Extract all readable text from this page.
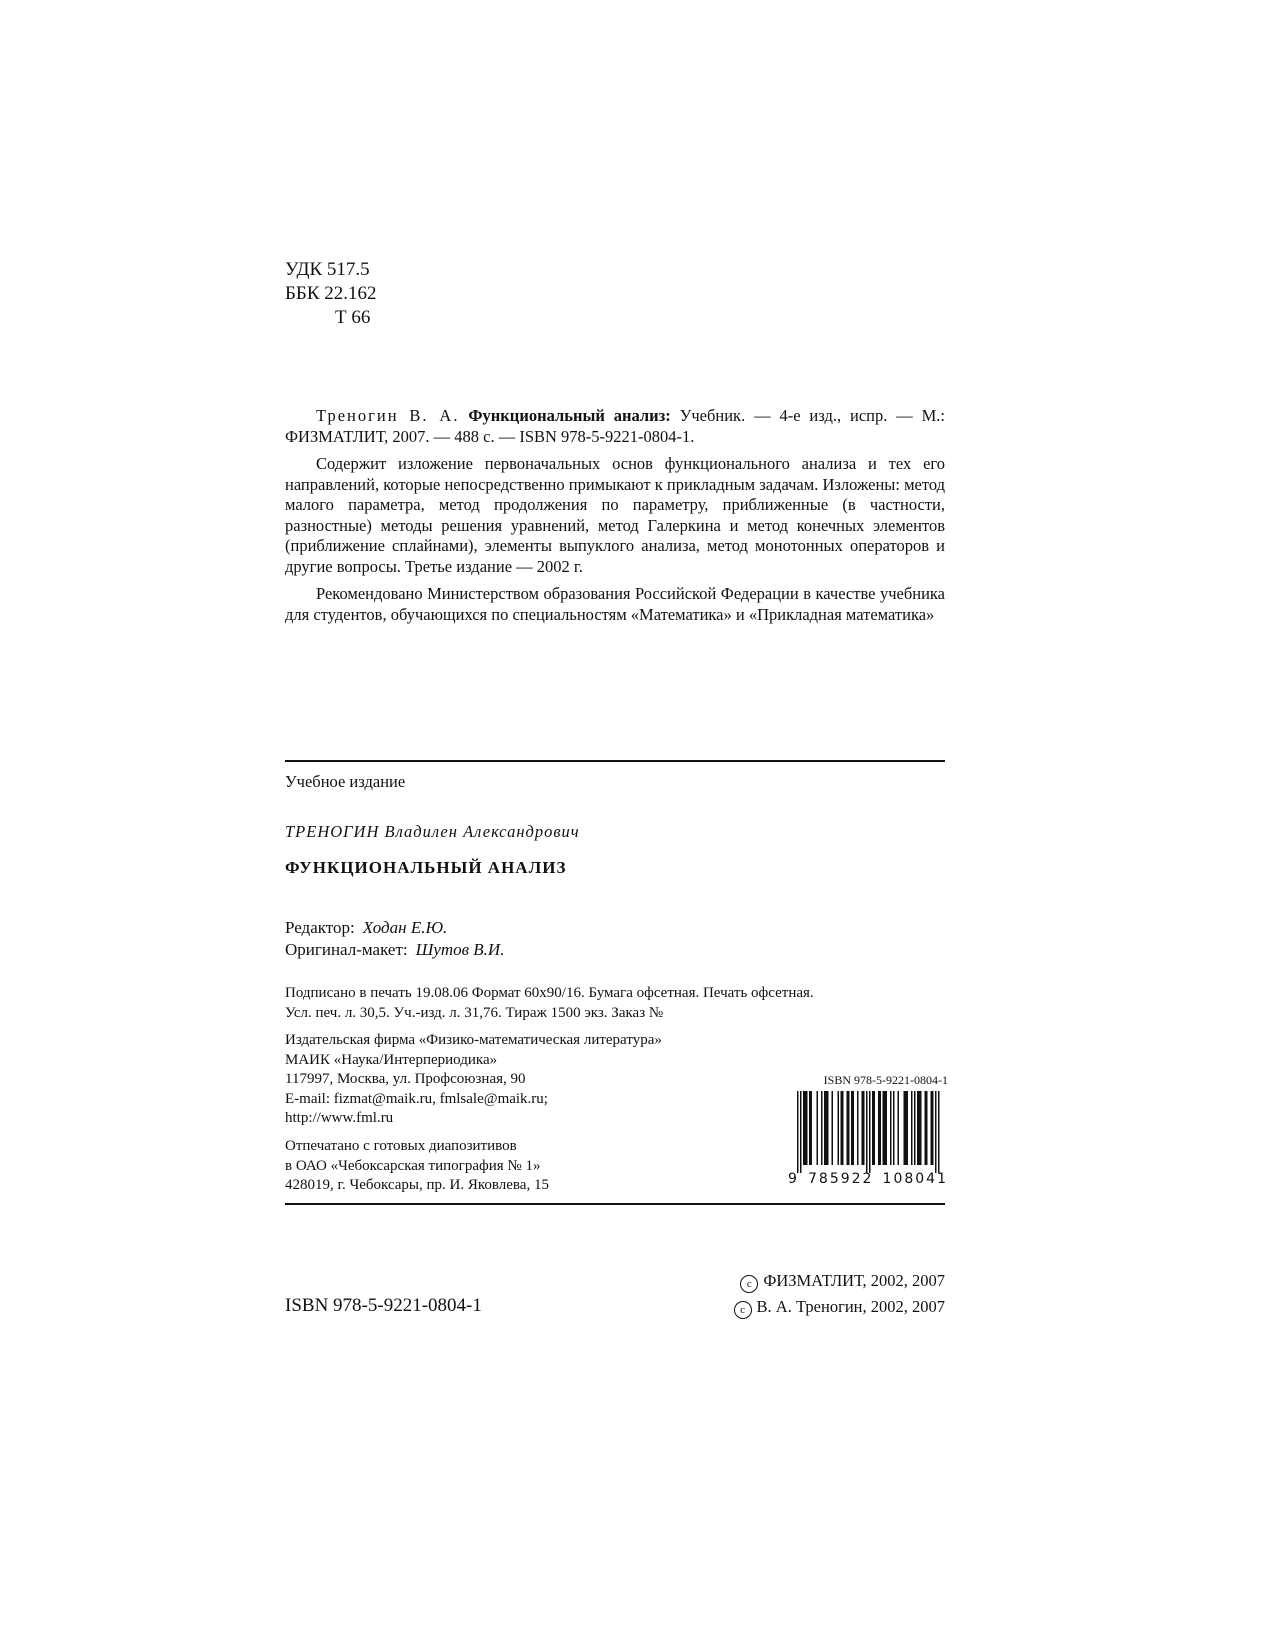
УДК 517.5
ББК 22.162
Т 66

Треногин В. А. Функциональный анализ: Учебник. — 4-е изд., испр. — М.: ФИЗМАТЛИТ, 2007. — 488 с. — ISBN 978-5-9221-0804-1.

Содержит изложение первоначальных основ функционального анализа и тех его направлений, которые непосредственно примыкают к прикладным задачам. Изложены: метод малого параметра, метод продолжения по параметру, приближенные (в частности, разностные) методы решения уравнений, метод Галеркина и метод конечных элементов (приближение сплайнами), элементы выпуклого анализа, метод монотонных операторов и другие вопросы. Третье издание — 2002 г.

Рекомендовано Министерством образования Российской Федерации в качестве учебника для студентов, обучающихся по специальностям «Математика» и «Прикладная математика»

Учебное издание
ТРЕНОГИН Владилен Александрович
ФУНКЦИОНАЛЬНЫЙ АНАЛИЗ
Редактор: Ходан Е.Ю.
Оригинал-макет: Шутов В.И.
Подписано в печать 19.08.06 Формат 60x90/16. Бумага офсетная. Печать офсетная.
Усл. печ. л. 30,5. Уч.-изд. л. 31,76. Тираж 1500 экз. Заказ №
Издательская фирма «Физико-математическая литература»
МАИК «Наука/Интерпериодика»
117997, Москва, ул. Профсоюзная, 90
E-mail: fizmat@maik.ru, fmlsale@maik.ru;
http://www.fml.ru
Отпечатано с готовых диапозитивов
в ОАО «Чебоксарская типография № 1»
428019, г. Чебоксары, пр. И. Яковлева, 15
ISBN 978-5-9221-0804-1
9 785922 108041
ISBN 978-5-9221-0804-1
c ФИЗМАТЛИТ, 2002, 2007
c В. А. Треногин, 2002, 2007
